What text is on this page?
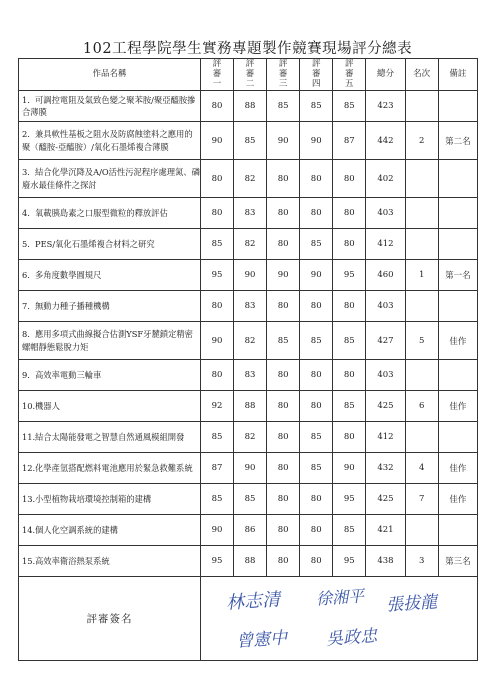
102工程學院學生實務專題製作競賽現場評分總表
作品名稱	評審一	評審二	評審三	評審四	評審五	總分	名次	備註
1. 可調控電阻及氣致色變之聚苯胺/聚亞醯胺摻合薄膜	80	88	85	85	85	423		
2. 兼具軟性基板之阻水及防腐蝕塗料之應用的聚（醯胺-亞醯胺）/氧化石墨烯複合薄膜	90	85	90	90	87	442	2	第二名
3. 結合化學沉降及A/O活性污泥程序處理氮、磷廢水最佳條件之探討	80	82	80	80	80	402		
4. 氧載胰島素之口服型微粒的釋放評估	80	83	80	80	80	403		
5. PES/氧化石墨烯複合材料之研究	85	82	80	85	80	412		
6. 多角度數學圓規尺	95	90	90	90	95	460	1	第一名
7. 無動力種子播種機構	80	83	80	80	80	403		
8. 應用多項式曲線擬合估測YSF牙麓鎖定精密螺帽靜態鬆脫力矩	90	82	85	85	85	427	5	佳作
9. 高效率電動三輪車	80	83	80	80	80	403		
10.機器人	92	88	80	80	85	425	6	佳作
11.結合太陽能發電之智慧自然通風模組開發	85	82	80	85	80	412		
12.化學產氫搭配燃料電池應用於緊急救難系統	87	90	80	85	90	432	4	佳作
13.小型植物栽培環境控制箱的建構	85	85	80	80	95	425	7	佳作
14.個人化空調系統的建構	90	86	80	80	85	421		
15.高效率衛浴熱泵系統	95	88	80	80	95	438	3	第三名
評審簽名	林志清 徐湘平 張拔龍
曾憲中 吳政忠							
